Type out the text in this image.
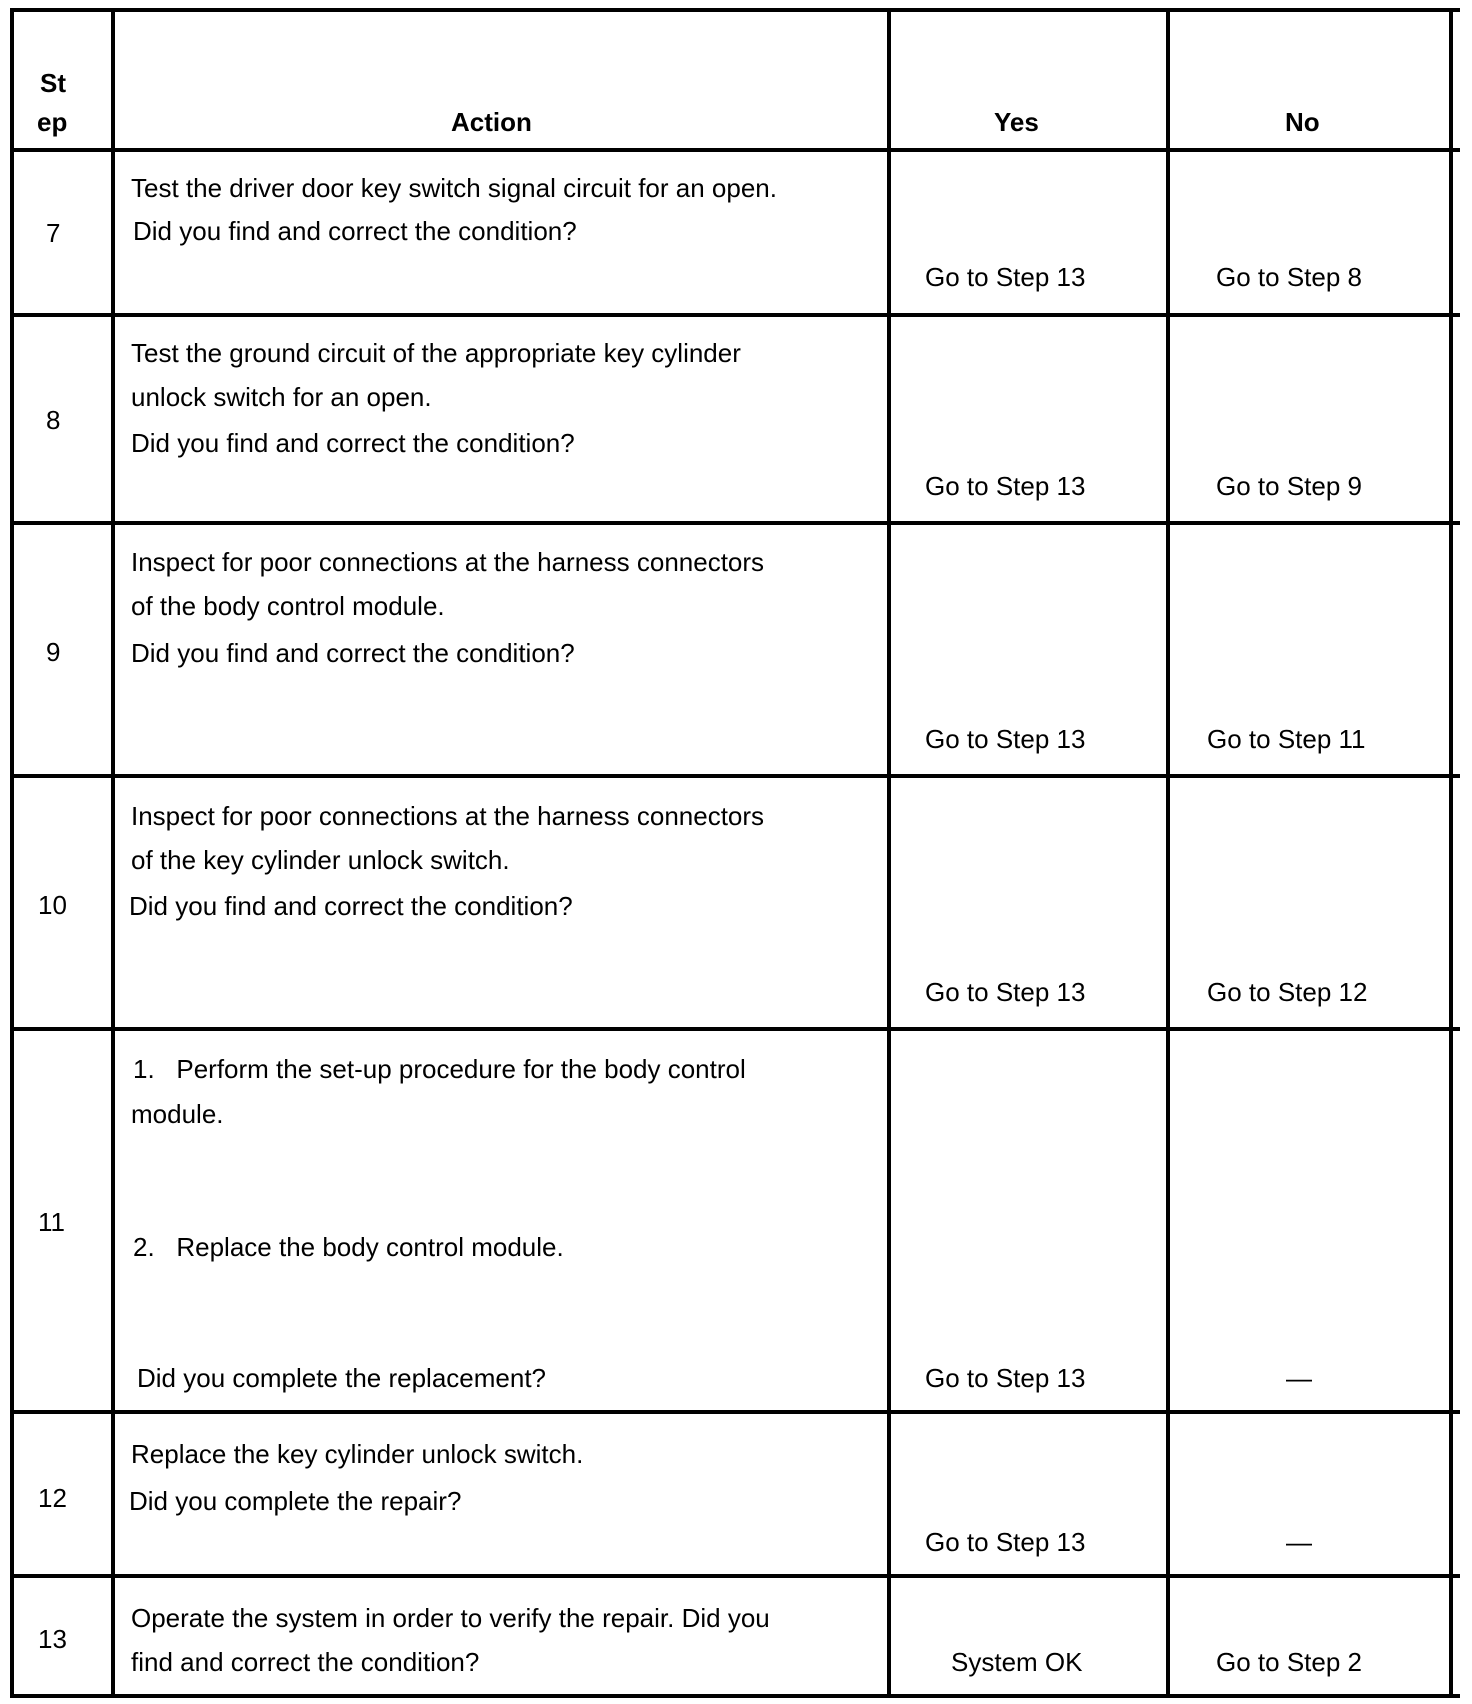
St
ep	Action	Yes	No
7
Test the driver door key switch signal circuit for an open.
Did you find and correct the condition?
Go to Step 13	Go to Step 8
8
Test the ground circuit of the appropriate key cylinder
unlock switch for an open.
Did you find and correct the condition?
Go to Step 13	Go to Step 9
9
Inspect for poor connections at the harness connectors
of the body control module.
Did you find and correct the condition?
Go to Step 13	Go to Step 11
10
Inspect for poor connections at the harness connectors
of the key cylinder unlock switch.
Did you find and correct the condition?
Go to Step 13	Go to Step 12
11
1.   Perform the set-up procedure for the body control
module.
2.   Replace the body control module.
Did you complete the replacement?	Go to Step 13	—
12
Replace the key cylinder unlock switch.
Did you complete the repair?
Go to Step 13	—
13
Operate the system in order to verify the repair. Did you
find and correct the condition?	System OK	Go to Step 2
